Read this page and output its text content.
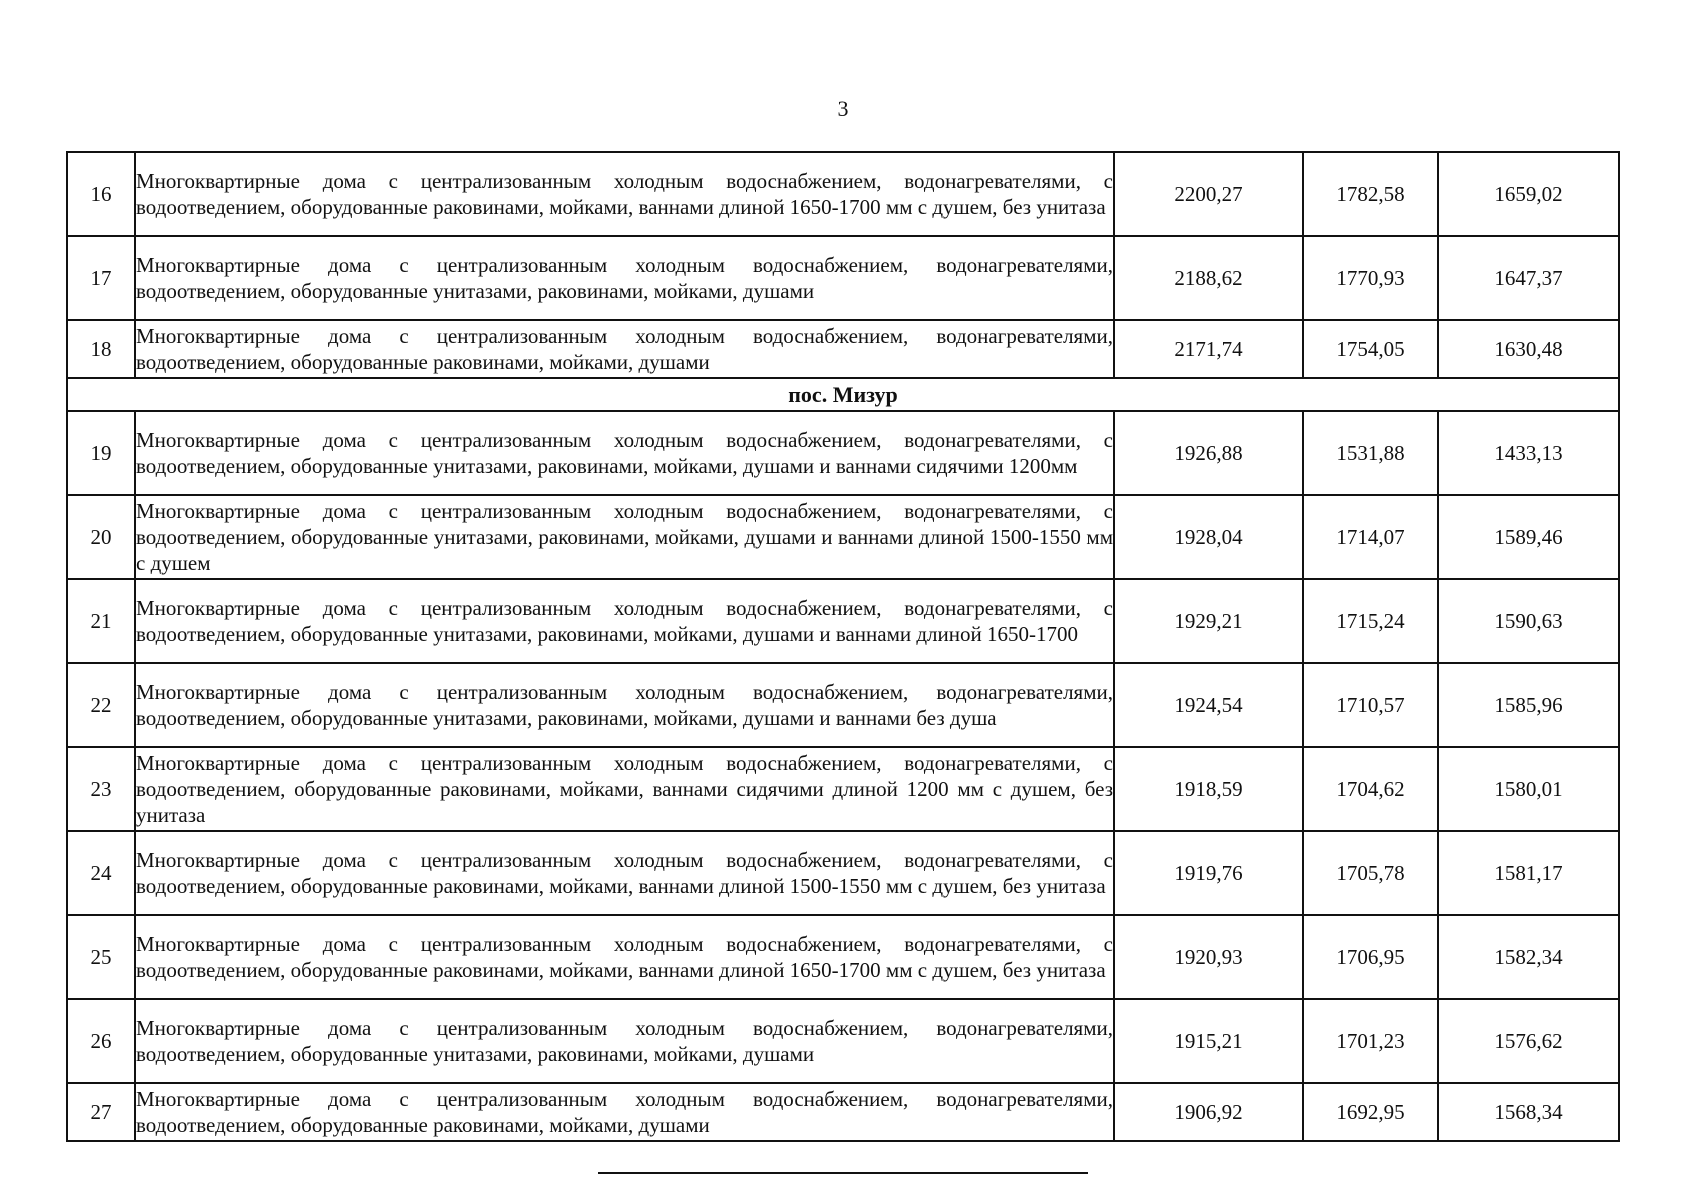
3
16	Многоквартирные дома с централизованным холодным водоснабжением, водонагревателями, с водоотведением, оборудованные раковинами, мойками, ваннами длиной 1650-1700 мм с душем, без унитаза	2200,27	1782,58	1659,02
17	Многоквартирные дома с централизованным холодным водоснабжением, водонагревателями, водоотведением, оборудованные унитазами, раковинами, мойками, душами	2188,62	1770,93	1647,37
18	Многоквартирные дома с централизованным холодным водоснабжением, водонагревателями, водоотведением, оборудованные раковинами, мойками, душами	2171,74	1754,05	1630,48
пос. Мизур				
19	Многоквартирные дома с централизованным холодным водоснабжением, водонагревателями, с водоотведением, оборудованные унитазами, раковинами, мойками, душами и ваннами сидячими 1200мм	1926,88	1531,88	1433,13
20	Многоквартирные дома с централизованным холодным водоснабжением, водонагревателями, с водоотведением, оборудованные унитазами, раковинами, мойками, душами и ваннами длиной 1500-1550 мм с душем	1928,04	1714,07	1589,46
21	Многоквартирные дома с централизованным холодным водоснабжением, водонагревателями, с водоотведением, оборудованные унитазами, раковинами, мойками, душами и ваннами длиной 1650-1700	1929,21	1715,24	1590,63
22	Многоквартирные дома с централизованным холодным водоснабжением, водонагревателями, водоотведением, оборудованные унитазами, раковинами, мойками, душами и ваннами без душа	1924,54	1710,57	1585,96
23	Многоквартирные дома с централизованным холодным водоснабжением, водонагревателями, с водоотведением, оборудованные раковинами, мойками, ваннами сидячими длиной 1200 мм с душем, без унитаза	1918,59	1704,62	1580,01
24	Многоквартирные дома с централизованным холодным водоснабжением, водонагревателями, с водоотведением, оборудованные раковинами, мойками, ваннами длиной 1500-1550 мм с душем, без унитаза	1919,76	1705,78	1581,17
25	Многоквартирные дома с централизованным холодным водоснабжением, водонагревателями, с водоотведением, оборудованные раковинами, мойками, ваннами длиной 1650-1700 мм с душем, без унитаза	1920,93	1706,95	1582,34
26	Многоквартирные дома с централизованным холодным водоснабжением, водонагревателями, водоотведением, оборудованные унитазами, раковинами, мойками, душами	1915,21	1701,23	1576,62
27	Многоквартирные дома с централизованным холодным водоснабжением, водонагревателями, водоотведением, оборудованные раковинами, мойками, душами	1906,92	1692,95	1568,34
